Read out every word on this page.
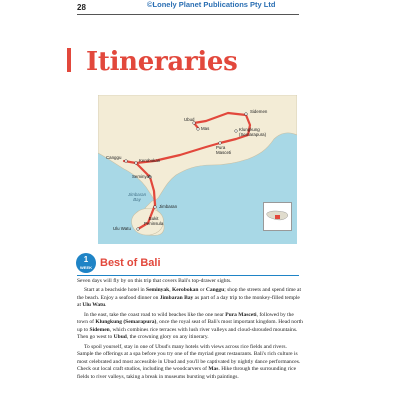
28	©Lonely Planet Publications Pty Ltd
Itineraries
Ubud
Mas
Sidemen
Klungkung
(Semarapura)
Pura
Masceti
Canggu
Kerobokan
Seminyak
Jimbaran
Bay
Jimbaran
Bukit
Peninsula
Ulu Watu
1
WEEK Best of Bali

Seven days will fly by on this trip that covers Bali's top-drawer sights.

Start at a beachside hotel in Seminyak, Kerobokan or Canggu; shop the streets and spend time at the beach. Enjoy a seafood dinner on Jimbaran Bay as part of a day trip to the monkey-filled temple at Ulu Watu.

In the east, take the coast road to wild beaches like the one near Pura Masceti, followed by the town of Klungkung (Semarapura), once the royal seat of Bali's most important kingdom. Head north up to Sidemen, which combines rice terraces with lush river valleys and cloud-shrouded mountains. Then go west to Ubud, the crowning glory on any itinerary.

To spoil yourself, stay in one of Ubud's many hotels with views across rice fields and rivers. Sample the offerings at a spa before you try one of the myriad great restaurants. Bali's rich culture is most celebrated and most accessible in Ubud and you'll be captivated by nightly dance performances. Check out local craft studios, including the woodcarvers of Mas. Hike through the surrounding rice fields to river valleys, taking a break in museums bursting with paintings.
